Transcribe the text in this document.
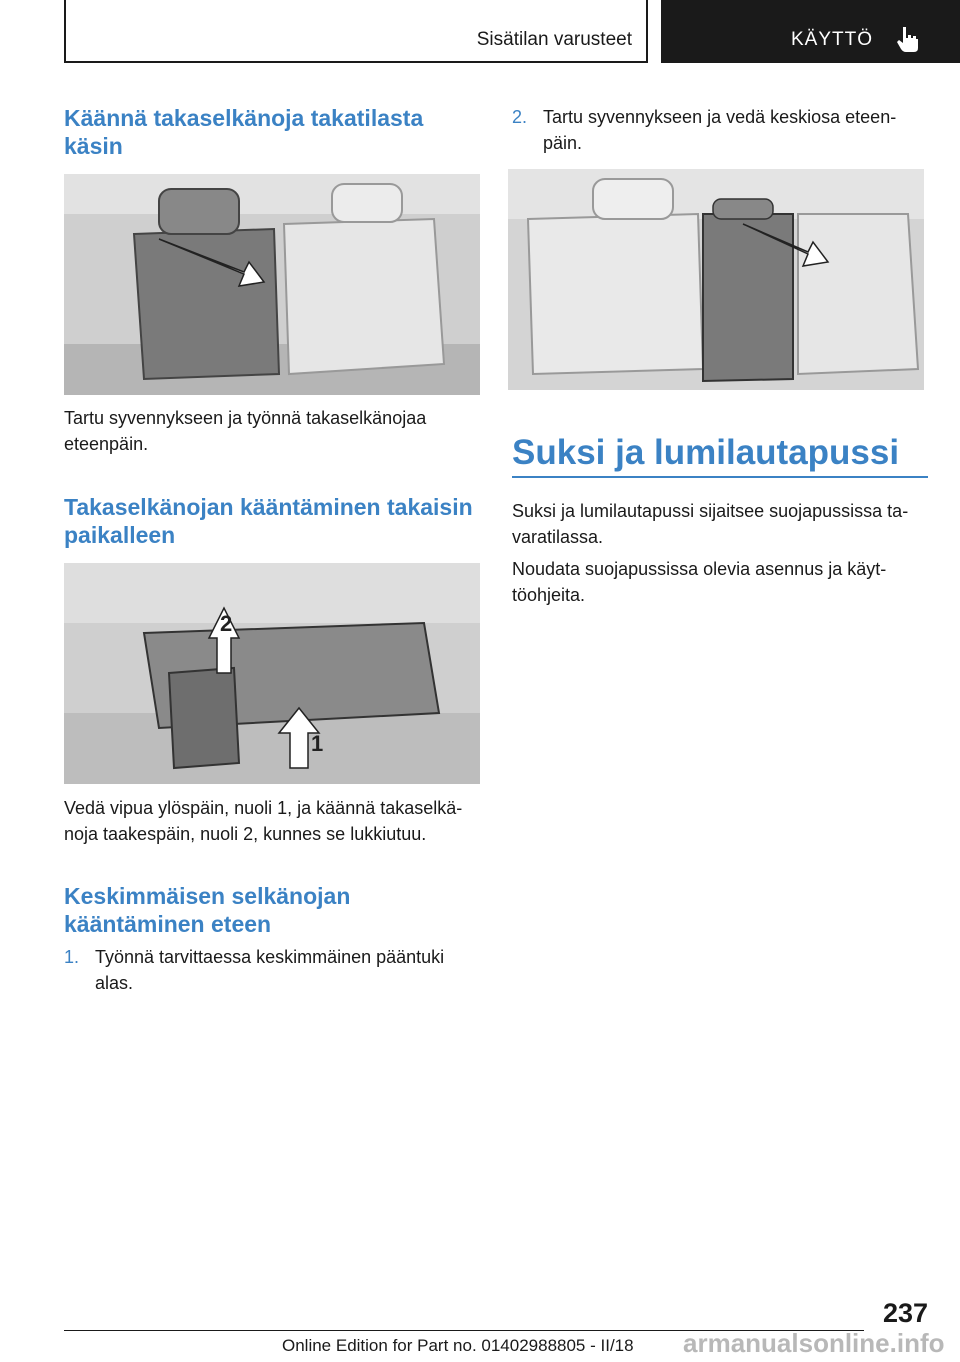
Sisätilan varusteet	KÄYTTÖ
Käännä takaselkänoja takatilasta käsin

Tartu syvennykseen ja työnnä takaselkänojaa eteenpäin.

Takaselkänojan kääntäminen takaisin paikalleen
2
1

Vedä vipua ylöspäin, nuoli 1, ja käännä takaselkä‐noja taakespäin, nuoli 2, kunnes se lukkiutuu.

Keskimmäisen selkänojan kääntäminen eteen
1. Työnnä tarvittaessa keskimmäinen pääntuki alas.

2. Tartu syvennykseen ja vedä keskiosa eteen‐päin.

Suksi ja lumilautapussi

Suksi ja lumilautapussi sijaitsee suojapussissa ta‐varatilassa.

Noudata suojapussissa olevia asennus ja käyt‐töohjeita.

237
Online Edition for Part no. 01402988805 - II/18 armanualsonline.info
